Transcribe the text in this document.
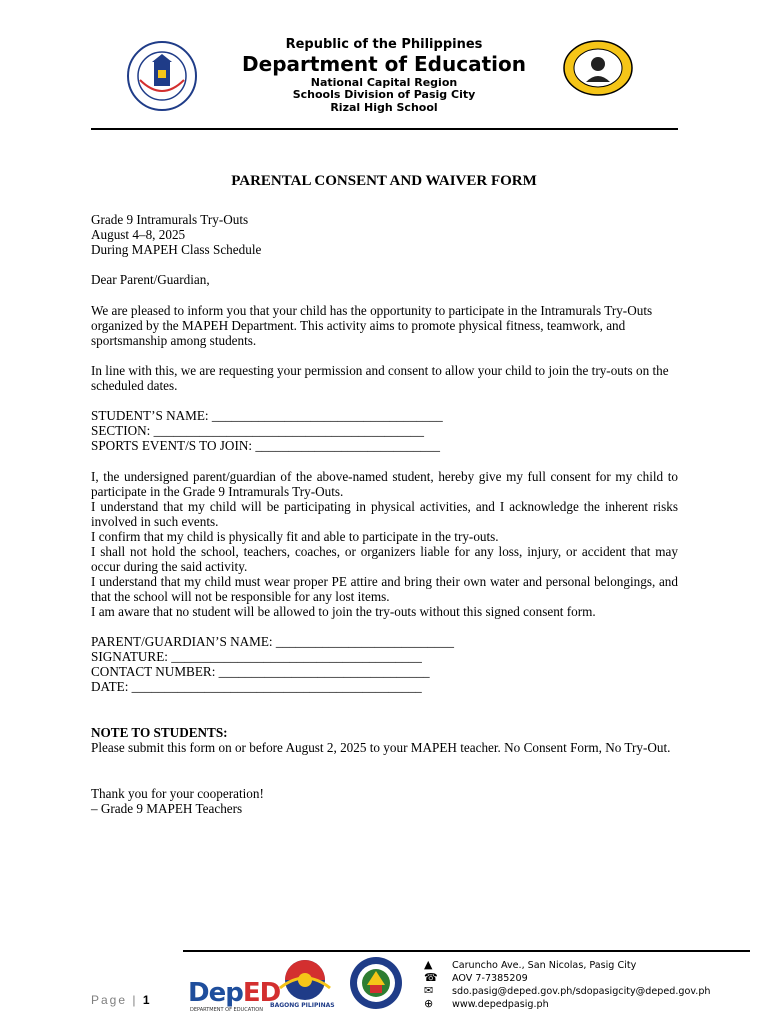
Republic of the Philippines
Department of Education
National Capital Region
Schools Division of Pasig City
Rizal High School
PARENTAL CONSENT AND WAIVER FORM

Grade 9 Intramurals Try-Outs

August 4–8, 2025

During MAPEH Class Schedule

Dear Parent/Guardian,
We are pleased to inform you that your child has the opportunity to participate in the Intramurals Try-Outs organized by the MAPEH Department. This activity aims to promote physical fitness, teamwork, and sportsmanship among students.
In line with this, we are requesting your permission and consent to allow your child to join the try-outs on the scheduled dates.

STUDENT’S NAME: ___________________________________

SECTION: _________________________________________

SPORTS EVENT/S TO JOIN: ____________________________

I, the undersigned parent/guardian of the above-named student, hereby give my full consent for my child to participate in the Grade 9 Intramurals Try-Outs.

I understand that my child will be participating in physical activities, and I acknowledge the inherent risks involved in such events.

I confirm that my child is physically fit and able to participate in the try-outs.

I shall not hold the school, teachers, coaches, or organizers liable for any loss, injury, or accident that may occur during the said activity.

I understand that my child must wear proper PE attire and bring their own water and personal belongings, and that the school will not be responsible for any lost items.

I am aware that no student will be allowed to join the try-outs without this signed consent form.

PARENT/GUARDIAN’S NAME: ___________________________

SIGNATURE: ______________________________________

CONTACT NUMBER: ________________________________

DATE: ____________________________________________

NOTE TO STUDENTS:

Please submit this form on or before August 2, 2025 to your MAPEH teacher. No Consent Form, No Try-Out.

Thank you for your cooperation!

– Grade 9 MAPEH Teachers

Page | 1 DepED
DEPARTMENT OF EDUCATION
BAGONG PILIPINAS
▲ Caruncho Ave., San Nicolas, Pasig City
☎ AOV 7-7385209
✉ sdo.pasig@deped.gov.ph/sdopasigcity@deped.gov.ph
⊕ www.depedpasig.ph
